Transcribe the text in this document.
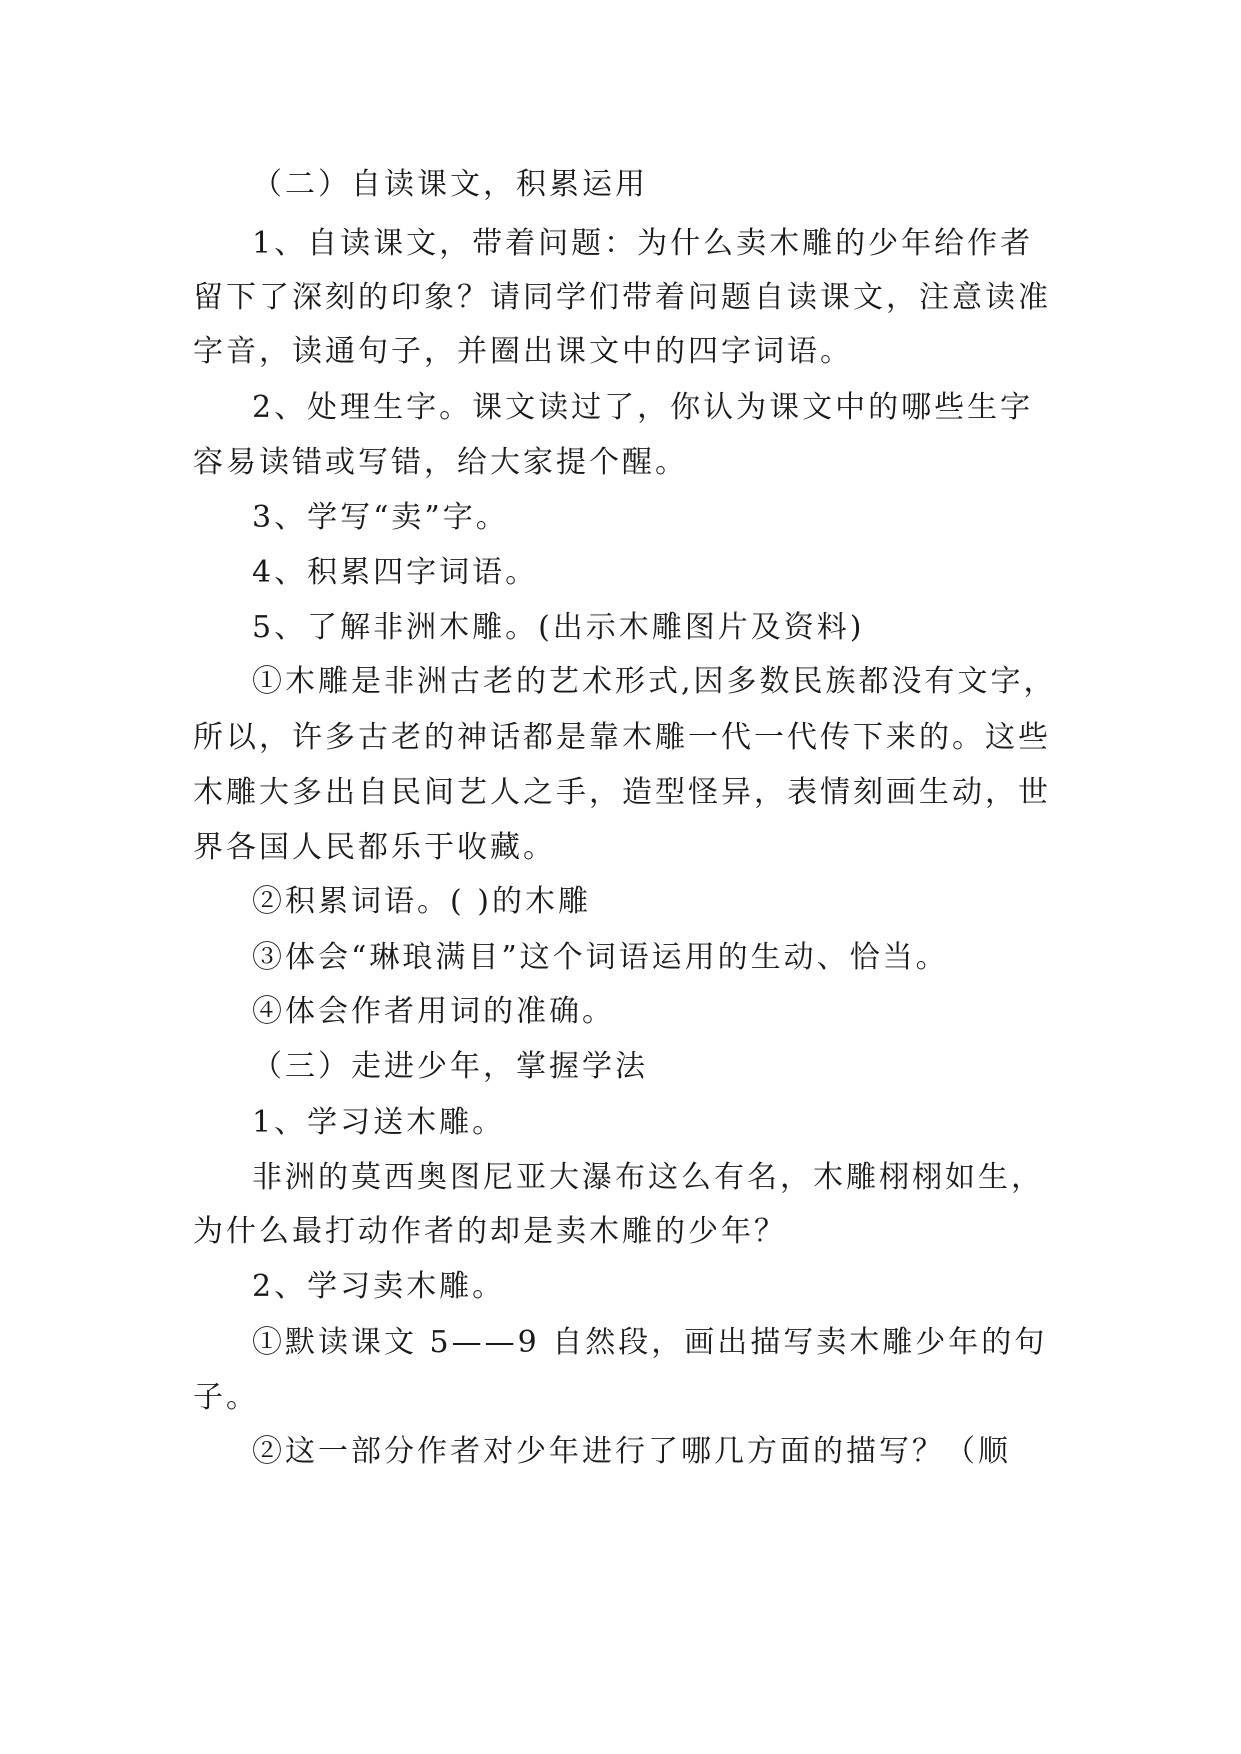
（二）自读课文，积累运用
1、自读课文，带着问题：为什么卖木雕的少年给作者
留下了深刻的印象？请同学们带着问题自读课文，注意读准
字音，读通句子，并圈出课文中的四字词语。
2、处理生字。课文读过了，你认为课文中的哪些生字
容易读错或写错，给大家提个醒。
3、学写“卖”字。
4、积累四字词语。
5、了解非洲木雕。(出示木雕图片及资料)
①木雕是非洲古老的艺术形式,因多数民族都没有文字，
所以，许多古老的神话都是靠木雕一代一代传下来的。这些
木雕大多出自民间艺人之手，造型怪异，表情刻画生动，世
界各国人民都乐于收藏。
②积累词语。( )的木雕
③体会“琳琅满目”这个词语运用的生动、恰当。
④体会作者用词的准确。
（三）走进少年，掌握学法
1、学习送木雕。
非洲的莫西奥图尼亚大瀑布这么有名，木雕栩栩如生，
为什么最打动作者的却是卖木雕的少年？
2、学习卖木雕。
①默读课文 5——9 自然段，画出描写卖木雕少年的句
子。
②这一部分作者对少年进行了哪几方面的描写？（顺
